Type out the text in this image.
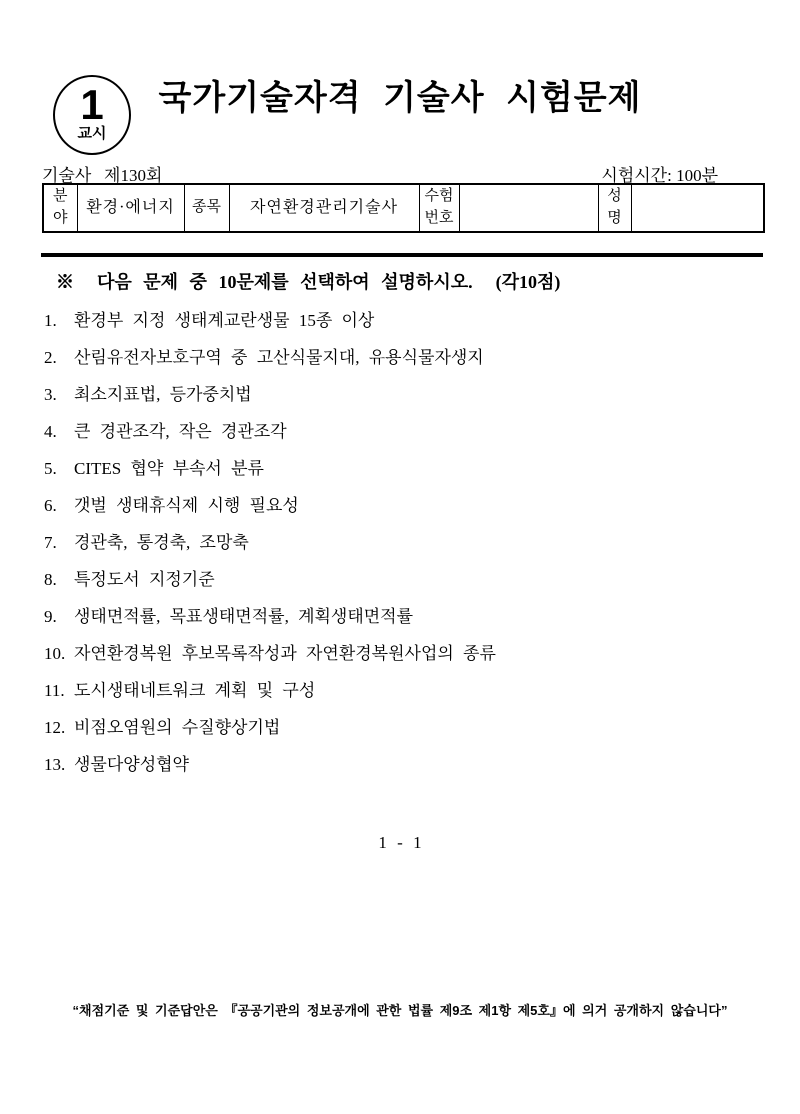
1
교시
국가기술자격 기술사 시험문제
기술사   제130회	시험시간: 100분
분야	환경·에너지	종목	자연환경관리기술사	수험번호		성명	

※  다음 문제 중 10문제를 선택하여 설명하시오.  (각10점)

1.	환경부 지정 생태계교란생물 15종 이상
2.	산림유전자보호구역 중 고산식물지대, 유용식물자생지
3.	최소지표법, 등가중치법
4.	큰 경관조각, 작은 경관조각
5.	CITES 협약 부속서 분류
6.	갯벌 생태휴식제 시행 필요성
7.	경관축, 통경축, 조망축
8.	특정도서 지정기준
9.	생태면적률, 목표생태면적률, 계획생태면적률
10. 자연환경복원 후보목록작성과 자연환경복원사업의 종류
11. 도시생태네트워크 계획 및 구성
12. 비점오염원의 수질향상기법
13. 생물다양성협약
1 - 1
“채점기준 및 기준답안은 『공공기관의 정보공개에 관한 법률 제9조 제1항 제5호』에 의거 공개하지 않습니다”
